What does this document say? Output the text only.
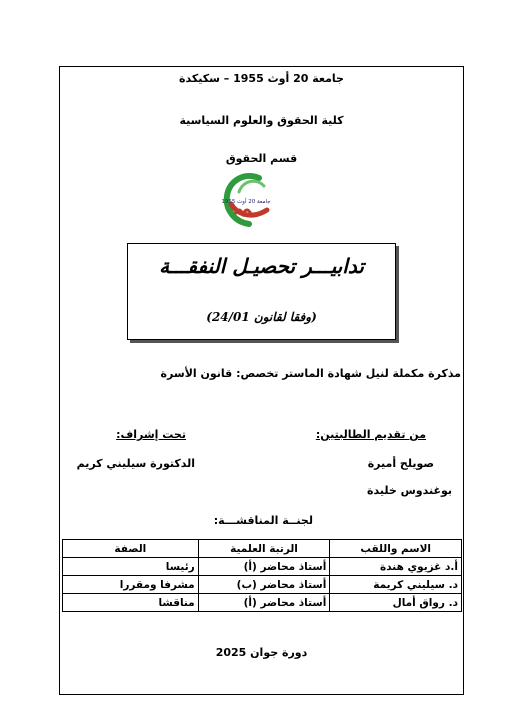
جامعة 20 أوث 1955 – سكيكدة
كلية الحقوق والعلوم السياسية
قسم الحقوق
جامعة 20 أوت 1955
تدابيـــر تحصيـل النفقـــة
(وفقا لقانون 24/01)
مذكرة مكملة لنيل شهادة الماستر تخصص: قانون الأسرة
من تقديم الطالبتين:
تحت إشراف:
صويلح أميرة
الدكتورة سيليني كريم
بوغندوس خليدة
لجنــة المناقشـــة:
الاسم واللقب	الرتبة العلمية	الصفة
أ.د غزيوي هندة	أستاذ محاضر (أ)	رئيسا
د. سيليني كريمة	أستاذ محاضر (ب)	مشرفا ومقررا
د. رواق أمال	أستاذ محاضر (أ)	مناقشا
دورة جوان 2025
